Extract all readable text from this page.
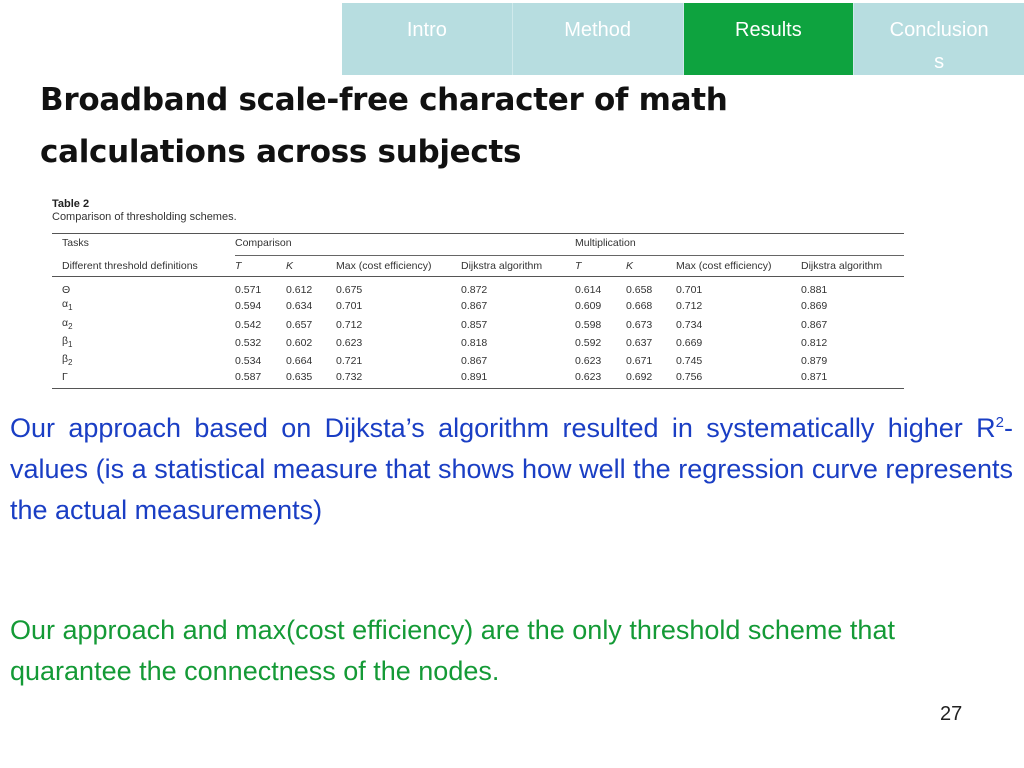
Intro	Method	Results	Conclusion
s
Broadband scale-free character of math
calculations across subjects
Table 2
Comparison of thresholding schemes.
Tasks	Comparison				Multiplication			
Different threshold definitions	T	K	Max (cost efficiency)	Dijkstra algorithm	T	K	Max (cost efficiency)	Dijkstra algorithm
Θ	0.571	0.612	0.675	0.872	0.614	0.658	0.701	0.881
$\alpha_1$	0.594	0.634	0.701	0.867	0.609	0.668	0.712	0.869
$\alpha_2$	0.542	0.657	0.712	0.857	0.598	0.673	0.734	0.867
$\beta_1$	0.532	0.602	0.623	0.818	0.592	0.637	0.669	0.812
$\beta_2$	0.534	0.664	0.721	0.867	0.623	0.671	0.745	0.879
Γ	0.587	0.635	0.732	0.891	0.623	0.692	0.756	0.871
Our approach based on Dijksta’s algorithm resulted in systematically higher $R^2$-values (is a statistical measure that shows how well the regression curve represents the actual measurements)
Our approach and max(cost efficiency) are the only threshold scheme that quarantee the connectness of the nodes.
27
